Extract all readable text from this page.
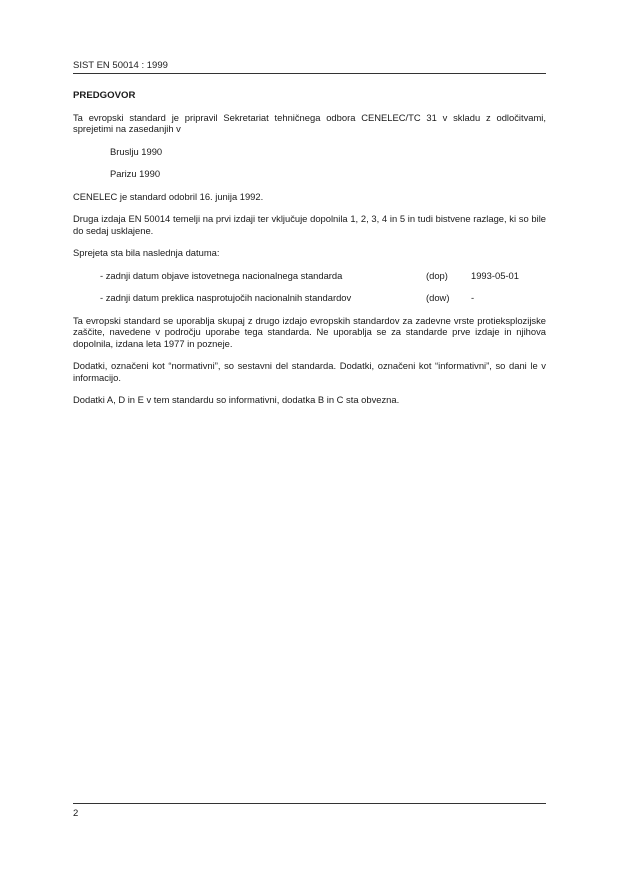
SIST EN 50014 : 1999
PREDGOVOR

Ta evropski standard je pripravil Sekretariat tehničnega odbora CENELEC/TC 31 v skladu z odločitvami, sprejetimi na zasedanjih v

Bruslju 1990
Parizu 1990

CENELEC je standard odobril 16. junija 1992.

Druga izdaja EN 50014 temelji na prvi izdaji ter vključuje dopolnila 1, 2, 3, 4 in 5 in tudi bistvene razlage, ki so bile do sedaj usklajene.

Sprejeta sta bila naslednja datuma:

- zadnji datum objave istovetnega nacionalnega standarda	(dop) 1993-05-01
- zadnji datum preklica nasprotujočih nacionalnih standardov	(dow) -

Ta evropski standard se uporablja skupaj z drugo izdajo evropskih standardov za zadevne vrste protieksplozijske zaščite, navedene v področju uporabe tega standarda. Ne uporablja se za standarde prve izdaje in njihova dopolnila, izdana leta 1977 in pozneje.

Dodatki, označeni kot “normativni”, so sestavni del standarda. Dodatki, označeni kot “informativni”, so dani le v informacijo.

Dodatki A, D in E v tem standardu so informativni, dodatka B in C sta obvezna.

2
